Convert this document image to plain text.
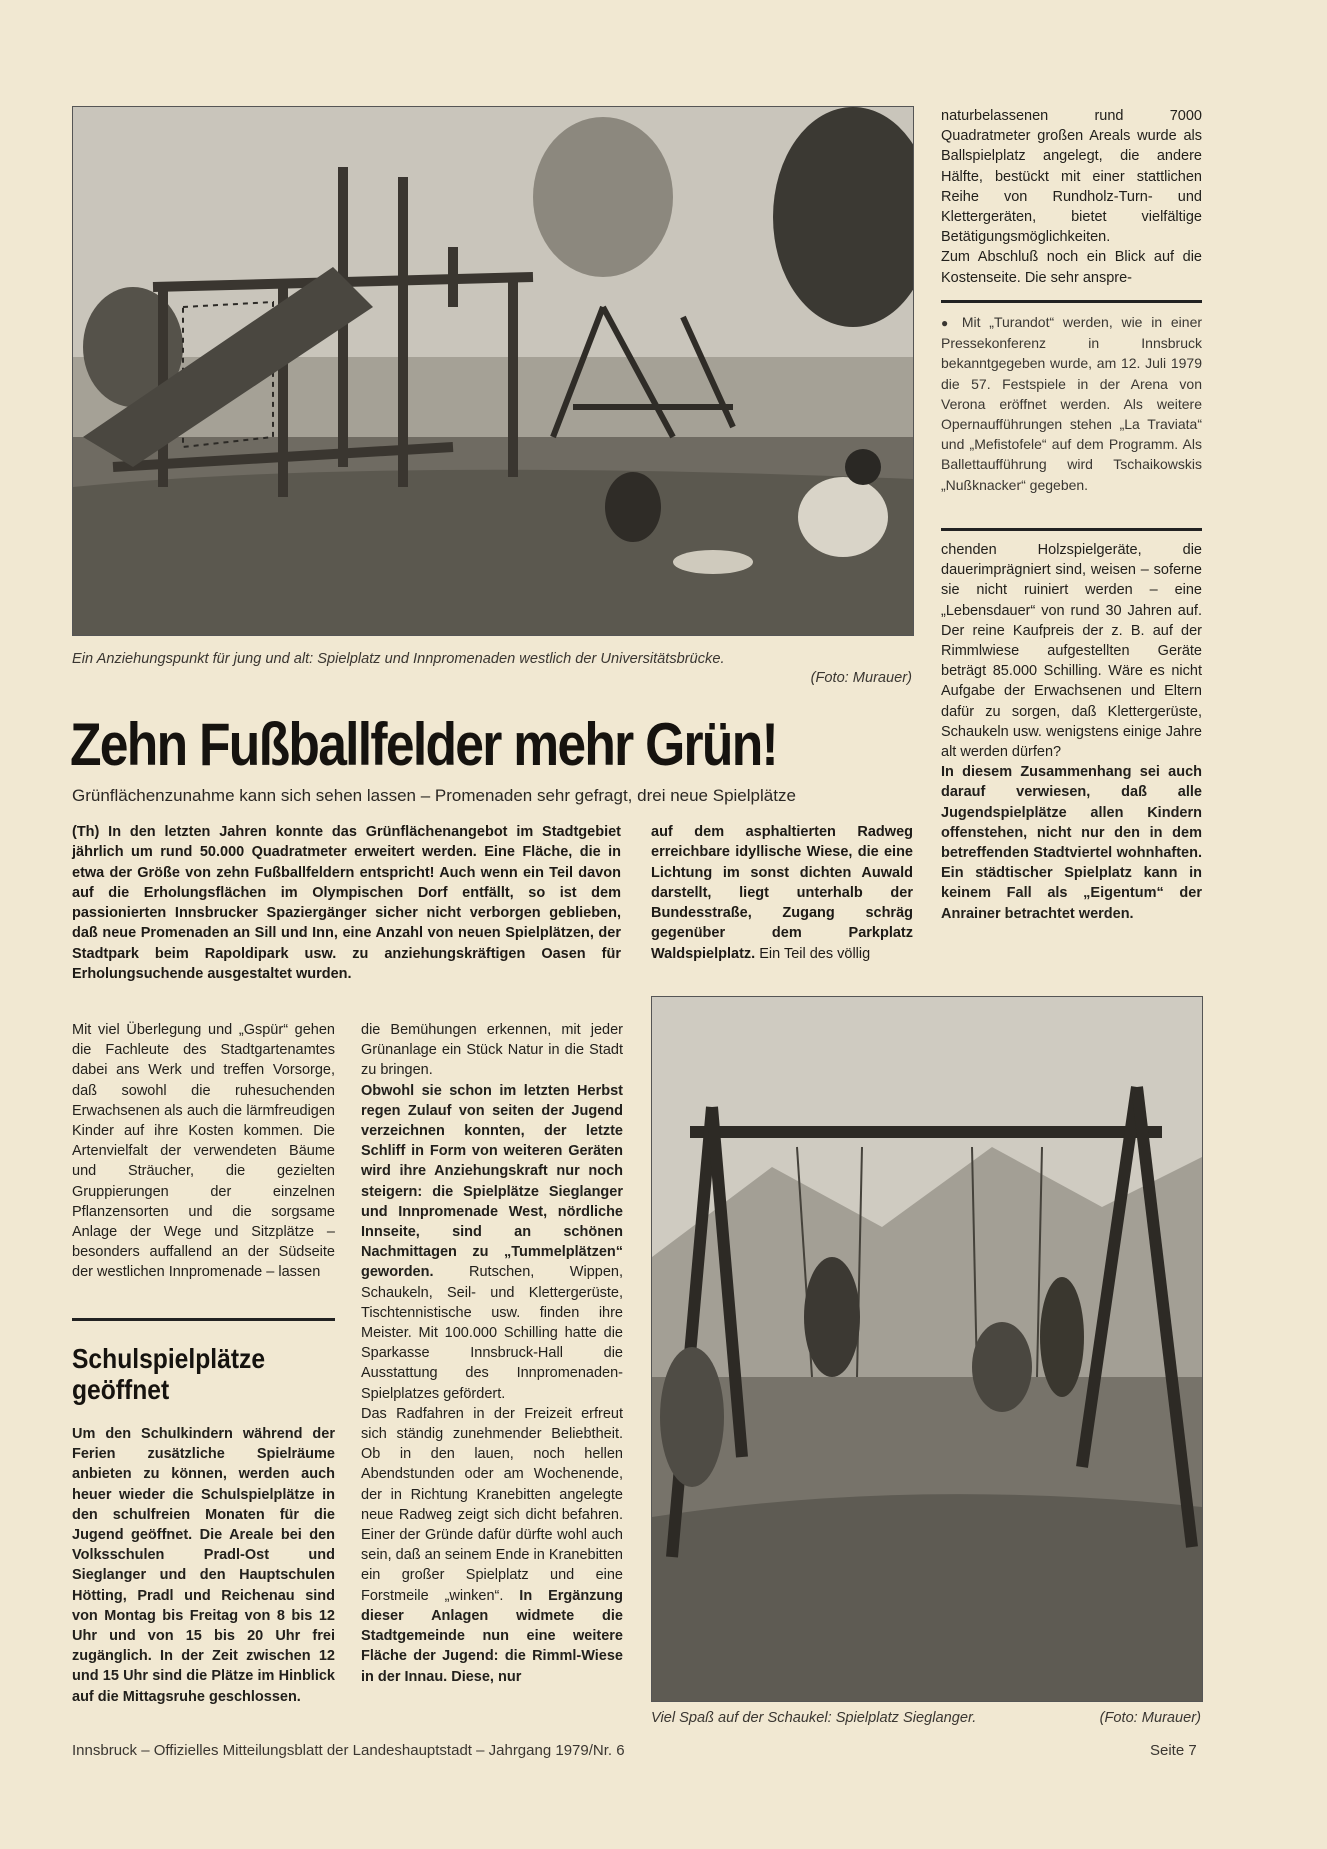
Ein Anziehungspunkt für jung und alt: Spielplatz und Innpromenaden westlich der Universitätsbrücke.
(Foto: Murauer)
Zehn Fußballfelder mehr Grün!
Grünflächenzunahme kann sich sehen lassen – Promenaden sehr gefragt, drei neue Spielplätze
(Th) In den letzten Jahren konnte das Grünflächenangebot im Stadtgebiet jährlich um rund 50.000 Quadratmeter erweitert werden. Eine Fläche, die in etwa der Größe von zehn Fußballfeldern entspricht! Auch wenn ein Teil davon auf die Erholungsflächen im Olympischen Dorf entfällt, so ist dem passionierten Innsbrucker Spaziergänger sicher nicht verborgen geblieben, daß neue Promenaden an Sill und Inn, eine Anzahl von neuen Spielplätzen, der Stadtpark beim Rapoldipark usw. zu anziehungskräftigen Oasen für Erholungsuchende ausgestaltet wurden.
auf dem asphaltierten Radweg erreichbare idyllische Wiese, die eine Lichtung im sonst dichten Auwald darstellt, liegt unterhalb der Bundesstraße, Zugang schräg gegenüber dem Parkplatz Waldspielplatz. Ein Teil des völlig

Mit viel Überlegung und „Gspür“ gehen die Fachleute des Stadtgartenamtes dabei ans Werk und treffen Vorsorge, daß sowohl die ruhesuchenden Erwachsenen als auch die lärmfreudigen Kinder auf ihre Kosten kommen. Die Artenvielfalt der verwendeten Bäume und Sträucher, die gezielten Gruppierungen der einzelnen Pflanzensorten und die sorgsame Anlage der Wege und Sitzplätze – besonders auffallend an der Südseite der westlichen Innpromenade – lassen

Schulspielplätze
geöffnet

Um den Schulkindern während der Ferien zusätzliche Spielräume anbieten zu können, werden auch heuer wieder die Schulspielplätze in den schulfreien Monaten für die Jugend geöffnet. Die Areale bei den Volksschulen Pradl-Ost und Sieglanger und den Hauptschulen Hötting, Pradl und Reichenau sind von Montag bis Freitag von 8 bis 12 Uhr und von 15 bis 20 Uhr frei zugänglich. In der Zeit zwischen 12 und 15 Uhr sind die Plätze im Hinblick auf die Mittagsruhe geschlossen.

die Bemühungen erkennen, mit jeder Grünanlage ein Stück Natur in die Stadt zu bringen.

Obwohl sie schon im letzten Herbst regen Zulauf von seiten der Jugend verzeichnen konnten, der letzte Schliff in Form von weiteren Geräten wird ihre Anziehungskraft nur noch steigern: die Spielplätze Sieglanger und Innpromenade West, nördliche Innseite, sind an schönen Nachmittagen zu „Tummelplätzen“ geworden. Rutschen, Wippen, Schaukeln, Seil- und Klettergerüste, Tischtennistische usw. finden ihre Meister. Mit 100.000 Schilling hatte die Sparkasse Innsbruck-Hall die Ausstattung des Innpromenaden-Spielplatzes gefördert.

Das Radfahren in der Freizeit erfreut sich ständig zunehmender Beliebtheit. Ob in den lauen, noch hellen Abendstunden oder am Wochenende, der in Richtung Kranebitten angelegte neue Radweg zeigt sich dicht befahren. Einer der Gründe dafür dürfte wohl auch sein, daß an seinem Ende in Kranebitten ein großer Spielplatz und eine Forstmeile „winken“. In Ergänzung dieser Anlagen widmete die Stadtgemeinde nun eine weitere Fläche der Jugend: die Rimml-Wiese in der Innau. Diese, nur

Viel Spaß auf der Schaukel: Spielplatz Sieglanger.	(Foto: Murauer)

naturbelassenen rund 7000 Quadratmeter großen Areals wurde als Ballspielplatz angelegt, die andere Hälfte, bestückt mit einer stattlichen Reihe von Rundholz-Turn- und Klettergeräten, bietet vielfältige Betätigungsmöglichkeiten.

Zum Abschluß noch ein Blick auf die Kostenseite. Die sehr anspre-

● Mit „Turandot“ werden, wie in einer Pressekonferenz in Innsbruck bekanntgegeben wurde, am 12. Juli 1979 die 57. Festspiele in der Arena von Verona eröffnet werden. Als weitere Opernaufführungen stehen „La Traviata“ und „Mefistofele“ auf dem Programm. Als Ballettaufführung wird Tschaikowskis „Nußknacker“ gegeben.

chenden Holzspielgeräte, die dauerimprägniert sind, weisen – soferne sie nicht ruiniert werden – eine „Lebensdauer“ von rund 30 Jahren auf. Der reine Kaufpreis der z. B. auf der Rimmlwiese aufgestellten Geräte beträgt 85.000 Schilling. Wäre es nicht Aufgabe der Erwachsenen und Eltern dafür zu sorgen, daß Klettergerüste, Schaukeln usw. wenigstens einige Jahre alt werden dürfen?

In diesem Zusammenhang sei auch darauf verwiesen, daß alle Jugendspielplätze allen Kindern offenstehen, nicht nur den in dem betreffenden Stadtviertel wohnhaften. Ein städtischer Spielplatz kann in keinem Fall als „Eigentum“ der Anrainer betrachtet werden.

Innsbruck – Offizielles Mitteilungsblatt der Landeshauptstadt – Jahrgang 1979/Nr. 6	Seite 7
